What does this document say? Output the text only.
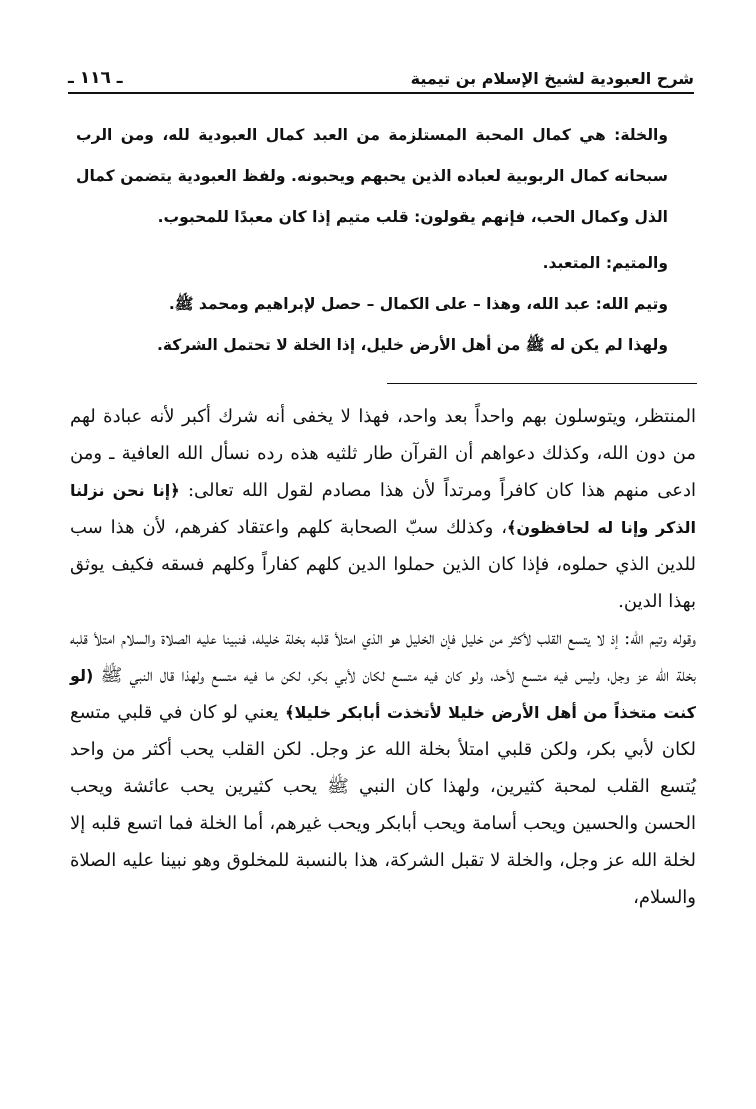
شرح العبودية لشيخ الإسلام بن تيمية
ـ ١١٦ ـ

والخلة: هي كمال المحبة المستلزمة من العبد كمال العبودية لله، ومن الرب سبحانه كمال الربوبية لعباده الذين يحبهم ويحبونه. ولفظ العبودية يتضمن كمال الذل وكمال الحب، فإنهم يقولون: قلب متيم إذا كان معبدًا للمحبوب.

والمتيم: المتعبد.

وتيم الله: عبد الله، وهذا – على الكمال – حصل لإبراهيم ومحمد ﷺ.

ولهذا لم يكن له ﷺ من أهل الأرض خليل، إذا الخلة لا تحتمل الشركة.

المنتظر، ويتوسلون بهم واحداً بعد واحد، فهذا لا يخفى أنه شرك أكبر لأنه عبادة لهم من دون الله، وكذلك دعواهم أن القرآن طار ثلثيه هذه رده نسأل الله العافية ـ ومن ادعى منهم هذا كان كافراً ومرتداً لأن هذا مصادم لقول الله تعالى: ﴿إنا نحن نزلنا الذكر وإنا له لحافظون﴾، وكذلك سبّ الصحابة كلهم واعتقاد كفرهم، لأن هذا سب للدين الذي حملوه، فإذا كان الذين حملوا الدين كلهم كفاراً وكلهم فسقه فكيف يوثق بهذا الدين.

وقوله وتيم الله: إذ لا يتسع القلب لأكثر من خليل فإن الخليل هو الذي امتلأ قلبه بخلة خليله، فنبينا عليه الصلاة والسلام امتلأ قلبه بخلة الله عز وجل، وليس فيه متسع لأحد، ولو كان فيه متسع لكان لأبي بكر، لكن ما فيه متسع ولهذا قال النبي ﷺ (لو كنت متخذاً من أهل الأرض خليلا لأتخذت أبابكر خليلا﴾ يعني لو كان في قلبي متسع لكان لأبي بكر، ولكن قلبي امتلأ بخلة الله عز وجل. لكن القلب يحب أكثر من واحد يُتسع القلب لمحبة كثيرين، ولهذا كان النبي ﷺ يحب كثيرين يحب عائشة ويحب الحسن والحسين ويحب أسامة ويحب أبابكر ويحب غيرهم، أما الخلة فما اتسع قلبه إلا لخلة الله عز وجل، والخلة لا تقبل الشركة، هذا بالنسبة للمخلوق وهو نبينا عليه الصلاة والسلام،
